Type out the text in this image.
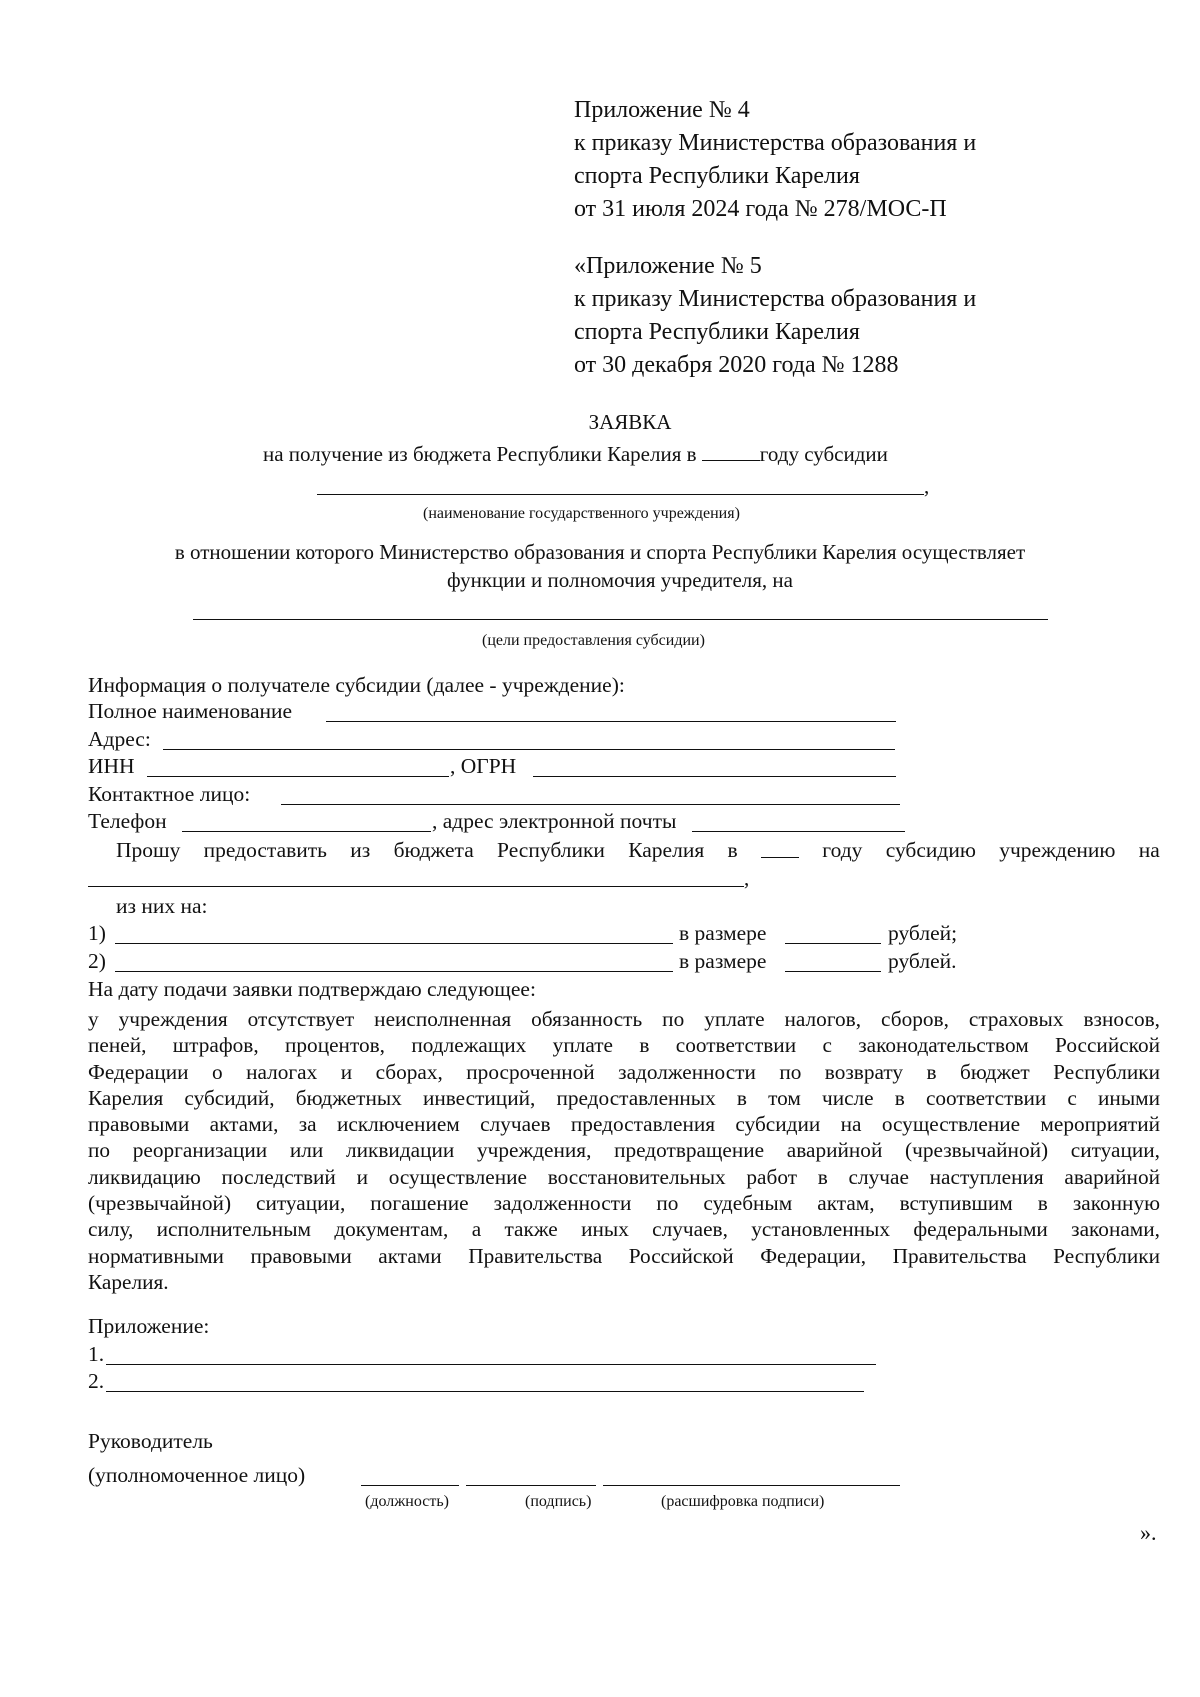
Приложение № 4
к приказу Министерства образования и
спорта Республики Карелия
от 31 июля 2024 года № 278/МОС-П
«Приложение № 5
к приказу Министерства образования и
спорта Республики Карелия
от 30 декабря 2020 года № 1288
ЗАЯВКА
на получение из бюджета Республики Карелия в	году субсидии
,
(наименование государственного учреждения)
в отношении которого Министерство образования и спорта Республики Карелия осуществляет
функции и полномочия учредителя, на
(цели предоставления субсидии)
Информация о получателе субсидии (далее - учреждение):
Полное наименование
Адрес:
ИНН	, ОГРН
Контактное лицо:
Телефон	, адрес электронной почты
Прошу предоставить из бюджета Республики Карелия в	году субсидию учреждению на
,
из них на:
1)	в размере	рублей;
2)	в размере	рублей.
На дату подачи заявки подтверждаю следующее:
у учреждения отсутствует неисполненная обязанность по уплате налогов, сборов, страховых взносов,
пеней, штрафов, процентов, подлежащих уплате в соответствии с законодательством Российской
Федерации о налогах и сборах, просроченной задолженности по возврату в бюджет Республики
Карелия субсидий, бюджетных инвестиций, предоставленных в том числе в соответствии с иными
правовыми актами, за исключением случаев предоставления субсидии на осуществление мероприятий
по реорганизации или ликвидации учреждения, предотвращение аварийной (чрезвычайной) ситуации,
ликвидацию последствий и осуществление восстановительных работ в случае наступления аварийной
(чрезвычайной) ситуации, погашение задолженности по судебным актам, вступившим в законную
силу, исполнительным документам, а также иных случаев, установленных федеральными законами,
нормативными правовыми актами Правительства Российской Федерации, Правительства Республики
Карелия.
Приложение:
1.
2.
Руководитель
(уполномоченное лицо)
(должность)	(подпись)	(расшифровка подписи)
».
